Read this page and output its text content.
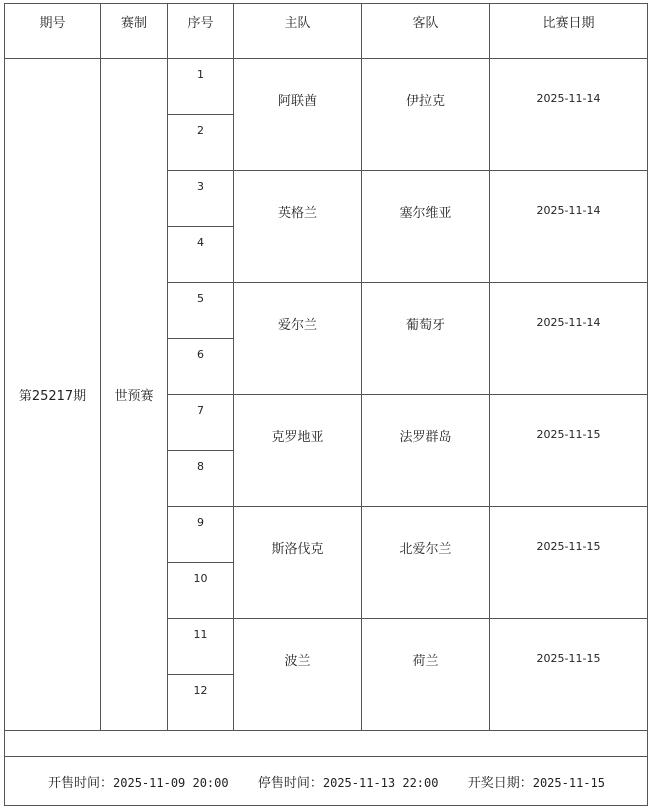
期号	赛制	序号	主队	客队	比赛日期
第25217期	世预赛	1	阿联酋	伊拉克	2025-11-14
		2			
		3	英格兰	塞尔维亚	2025-11-14
		4			
		5	爱尔兰	葡萄牙	2025-11-14
		6			
		7	克罗地亚	法罗群岛	2025-11-15
		8			
		9	斯洛伐克	北爱尔兰	2025-11-15
		10			
		11	波兰	荷兰	2025-11-15
		12			

开售时间：2025-11-09 20:00 停售时间：2025-11-13 22:00 开奖日期：2025-11-15					
